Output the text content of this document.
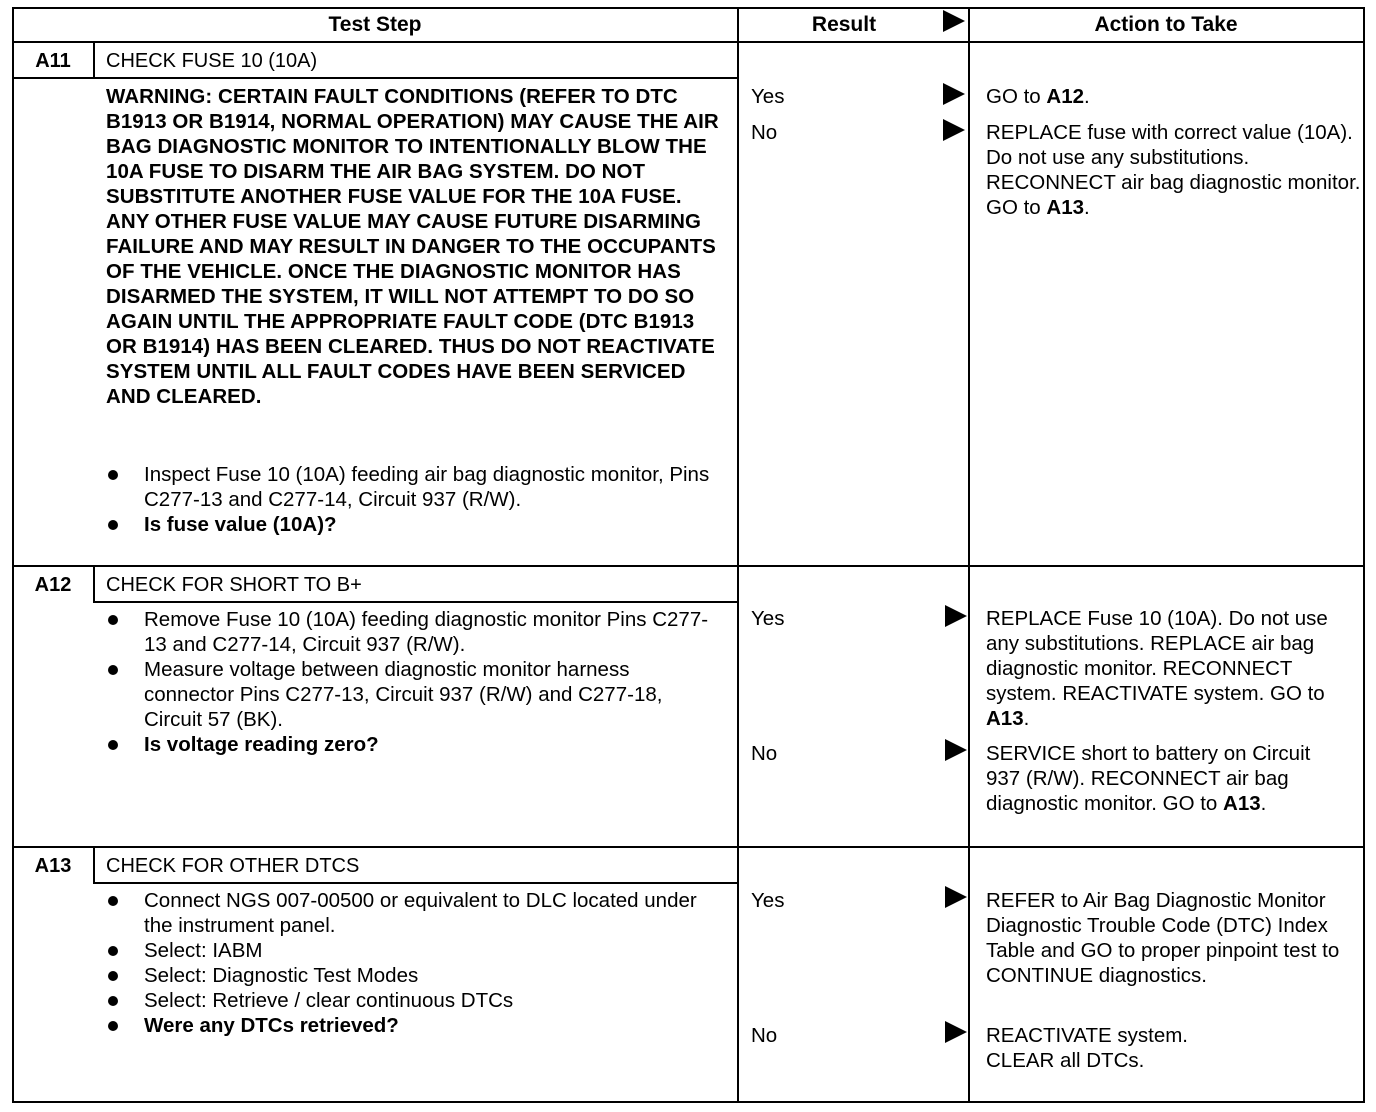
Test Step	Result	Action to Take
A11	CHECK FUSE 10 (10A)
WARNING: CERTAIN FAULT CONDITIONS (REFER TO DTC B1913 OR B1914, NORMAL OPERATION) MAY CAUSE THE AIR BAG DIAGNOSTIC MONITOR TO INTENTIONALLY BLOW THE 10A FUSE TO DISARM THE AIR BAG SYSTEM. DO NOT SUBSTITUTE ANOTHER FUSE VALUE FOR THE 10A FUSE. ANY OTHER FUSE VALUE MAY CAUSE FUTURE DISARMING FAILURE AND MAY RESULT IN DANGER TO THE OCCUPANTS OF THE VEHICLE. ONCE THE DIAGNOSTIC MONITOR HAS DISARMED THE SYSTEM, IT WILL NOT ATTEMPT TO DO SO AGAIN UNTIL THE APPROPRIATE FAULT CODE (DTC B1913 OR B1914) HAS BEEN CLEARED. THUS DO NOT REACTIVATE SYSTEM UNTIL ALL FAULT CODES HAVE BEEN SERVICED AND CLEARED.
Inspect Fuse 10 (10A) feeding air bag diagnostic monitor, Pins C277-13 and C277-14, Circuit 937 (R/W).
Is fuse value (10A)?
Yes	GO to A12.
No	REPLACE fuse with correct value (10A). Do not use any substitutions. RECONNECT air bag diagnostic monitor. GO to A13.
A12	CHECK FOR SHORT TO B+
Remove Fuse 10 (10A) feeding diagnostic monitor Pins C277-13 and C277-14, Circuit 937 (R/W).
Measure voltage between diagnostic monitor harness connector Pins C277-13, Circuit 937 (R/W) and C277-18, Circuit 57 (BK).
Is voltage reading zero?
Yes	REPLACE Fuse 10 (10A). Do not use any substitutions. REPLACE air bag diagnostic monitor. RECONNECT system. REACTIVATE system. GO to A13.
No	SERVICE short to battery on Circuit 937 (R/W). RECONNECT air bag diagnostic monitor. GO to A13.
A13	CHECK FOR OTHER DTCS
Connect NGS 007-00500 or equivalent to DLC located under the instrument panel.
Select: IABM
Select: Diagnostic Test Modes
Select: Retrieve / clear continuous DTCs
Were any DTCs retrieved?
Yes	REFER to Air Bag Diagnostic Monitor Diagnostic Trouble Code (DTC) Index Table and GO to proper pinpoint test to CONTINUE diagnostics.
No	REACTIVATE system. CLEAR all DTCs.
